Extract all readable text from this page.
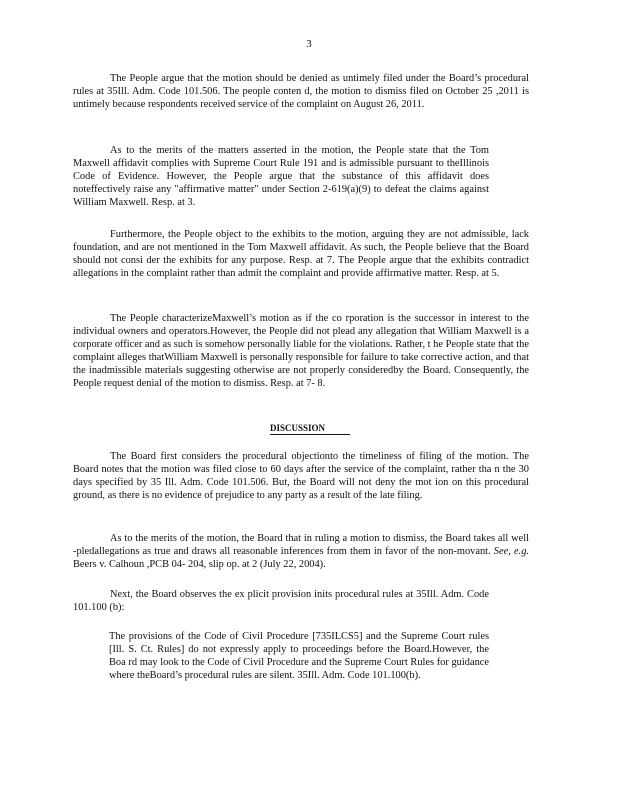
3

The People argue that the motion should be denied as untimely filed under the Board’s procedural rules at 35Ill. Adm. Code 101.506. The people conten d, the motion to dismiss filed on October 25 ,2011 is untimely because respondents received service of the complaint on August 26, 2011.

As to the merits of the matters asserted in the motion, the People state that the Tom Maxwell affidavit complies with Supreme Court Rule 191 and is admissible pursuant to theIllinois Code of Evidence. However, the People argue that the substance of this affidavit does noteffectively raise any "affirmative matter" under Section 2-619(a)(9) to defeat the claims against William Maxwell. Resp. at 3.

Furthermore, the People object to the exhibits to the motion, arguing they are not admissible, lack foundation, and are not mentioned in the Tom Maxwell affidavit. As such, the People believe that the Board should not consi der the exhibits for any purpose. Resp. at 7. The People argue that the exhibits contradict allegations in the complaint rather than admit the complaint and provide affirmative matter. Resp. at 5.

The People characterizeMaxwell’s motion as if the co rporation is the successor in interest to the individual owners and operators.However, the People did not plead any allegation that William Maxwell is a corporate officer and as such is somehow personally liable for the violations. Rather, t he People state that the complaint alleges thatWilliam Maxwell is personally responsible for failure to take corrective action, and that the inadmissible materials suggesting otherwise are not properly consideredby the Board. Consequently, the People request denial of the motion to dismiss. Resp. at 7- 8.

DISCUSSION

The Board first considers the procedural objectionto the timeliness of filing of the motion. The Board notes that the motion was filed close to 60 days after the service of the complaint, rather tha n the 30 days specified by 35 Ill. Adm. Code 101.506. But, the Board will not deny the mot ion on this procedural ground, as there is no evidence of prejudice to any party as a result of the late filing.

As to the merits of the motion, the Board that in ruling a motion to dismiss, the Board takes all well -pledallegations as true and draws all reasonable inferences from them in favor of the non-movant. See, e.g. Beers v. Calhoun ,PCB 04- 204, slip op. at 2 (July 22, 2004).

Next, the Board observes the ex plicit provision inits procedural rules at 35Ill. Adm. Code 101.100 (b):

The provisions of the Code of Civil Procedure [735ILCS5] and the Supreme Court rules [Ill. S. Ct. Rules] do not expressly apply to proceedings before the Board.However, the Boa rd may look to the Code of Civil Procedure and the Supreme Court Rules for guidance where theBoard’s procedural rules are silent. 35Ill. Adm. Code 101.100(b).
